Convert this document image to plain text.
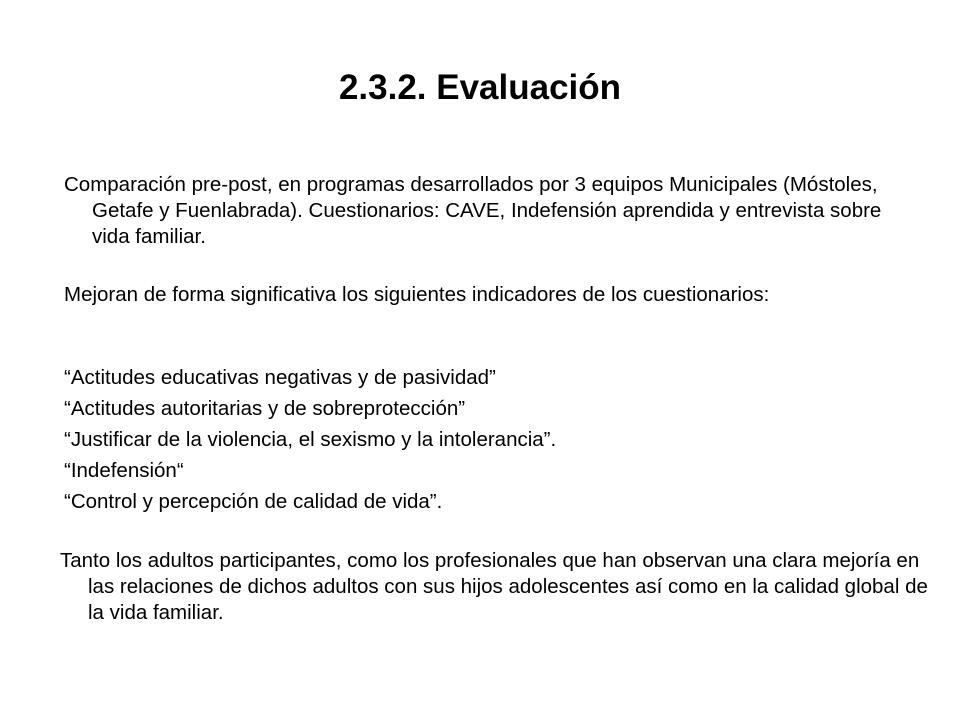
2.3.2. Evaluación

Comparación pre-post, en programas desarrollados por 3 equipos Municipales (Móstoles, Getafe y Fuenlabrada). Cuestionarios: CAVE, Indefensión aprendida y entrevista sobre vida familiar.

Mejoran de forma significativa los siguientes indicadores de los cuestionarios:

“Actitudes educativas negativas y de pasividad”

“Actitudes autoritarias y de sobreprotección”

“Justificar de la violencia, el sexismo y la intolerancia”.

“Indefensión“

“Control y percepción de calidad de vida”.

Tanto los adultos participantes, como los profesionales que han observan una clara mejoría en las relaciones de dichos adultos con sus hijos adolescentes así como en la calidad global de la vida familiar.
